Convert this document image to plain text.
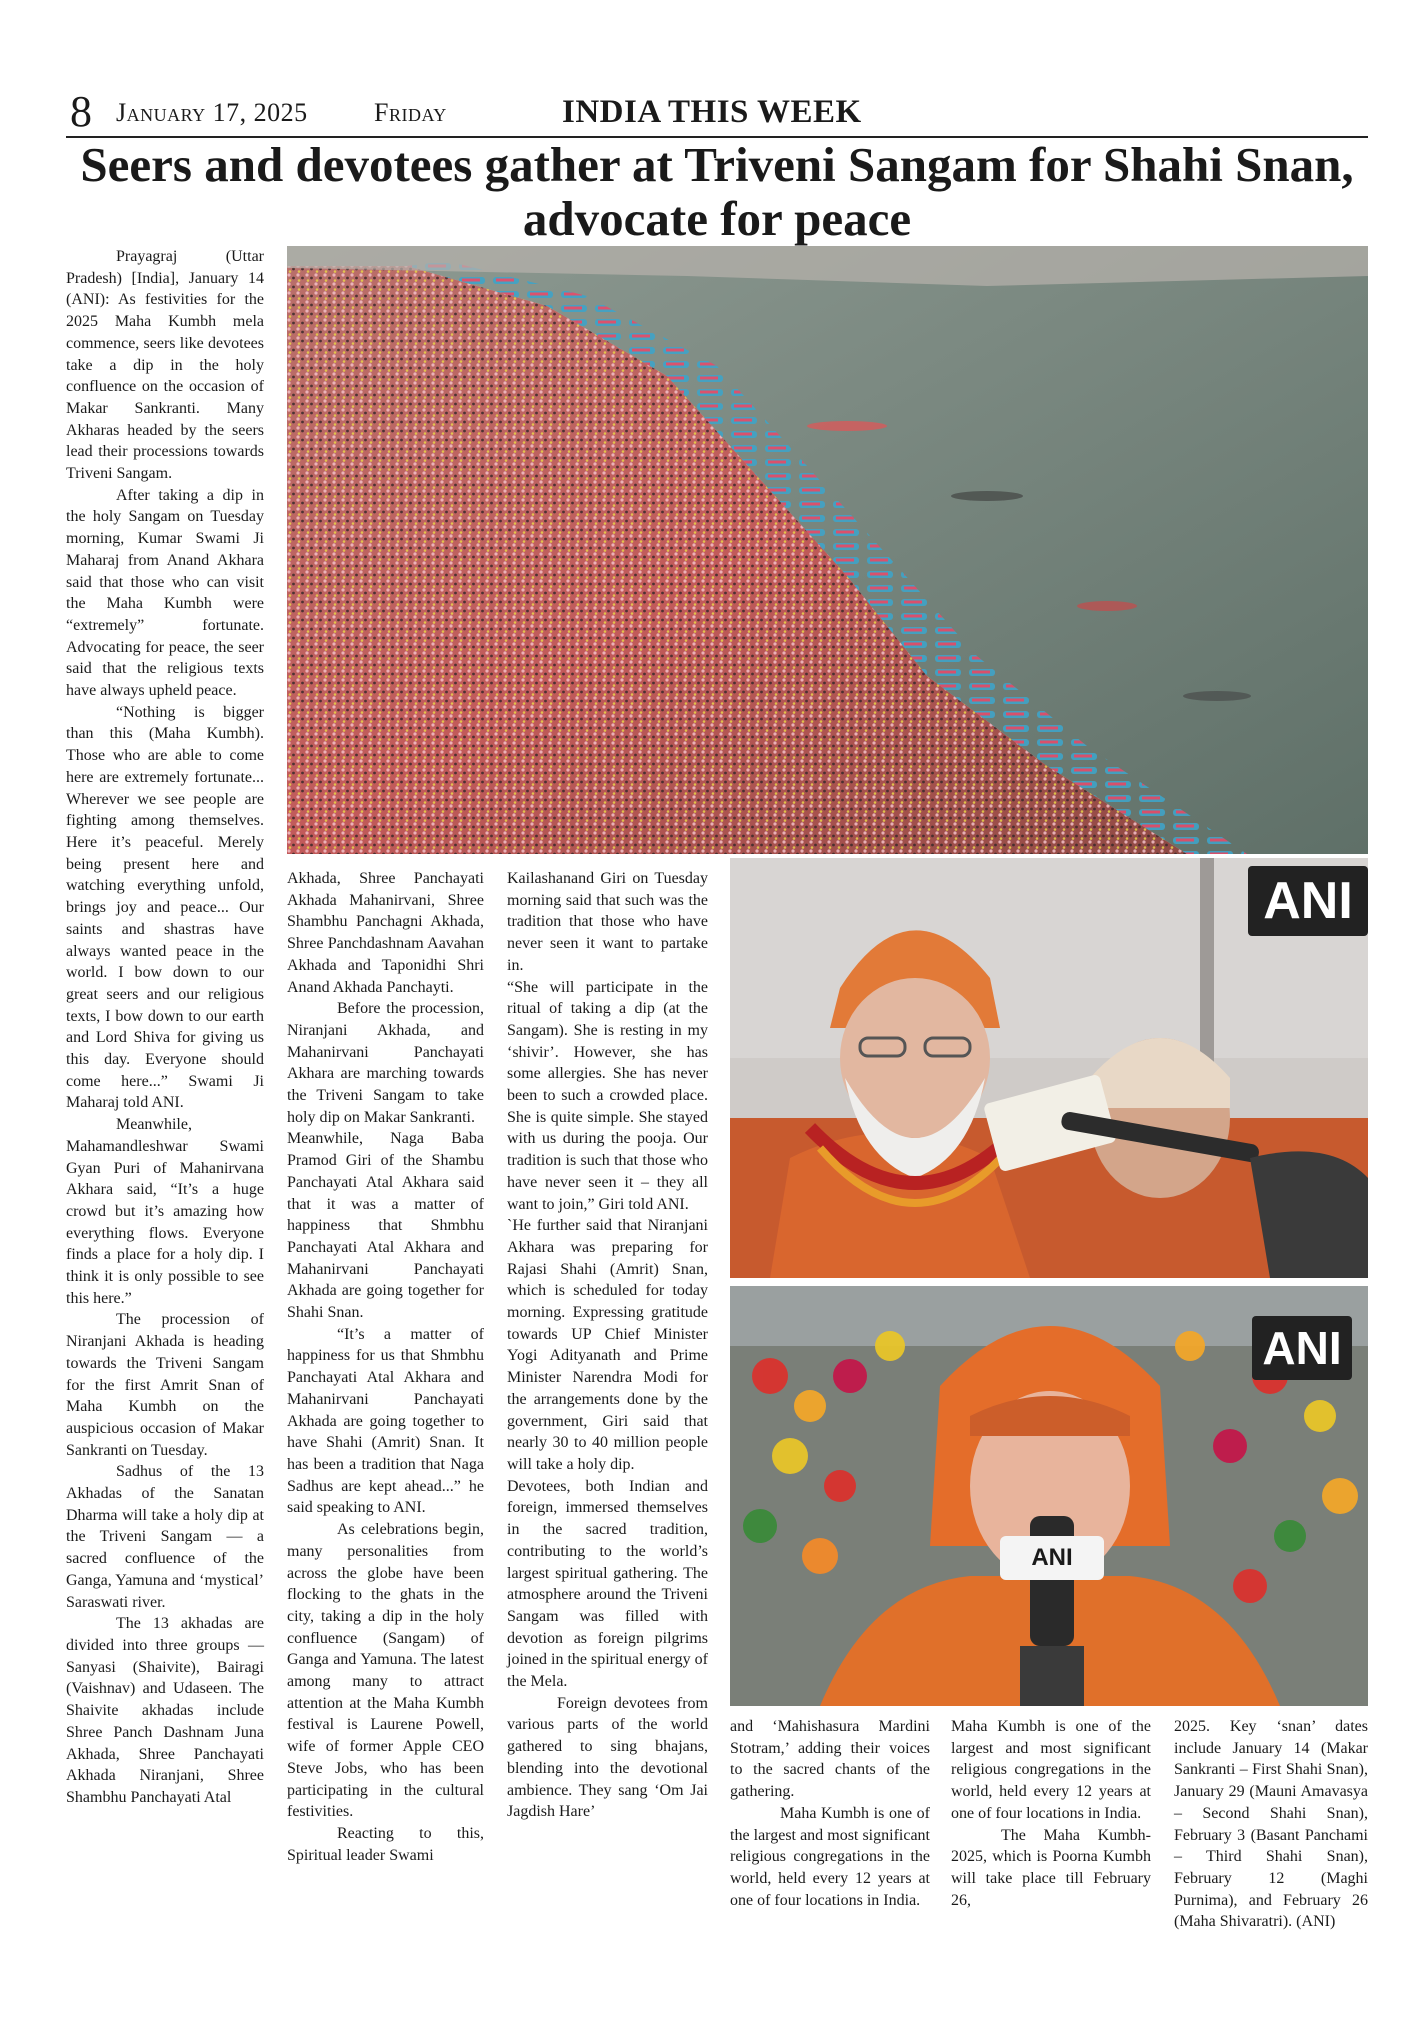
8 January 17, 2025	Friday	INDIA THIS WEEK
Seers and devotees gather at Triveni Sangam for Shahi Snan, advocate for peace

Prayagraj (Uttar Pradesh) [India], January 14 (ANI): As festivities for the 2025 Maha Kumbh mela commence, seers like devotees take a dip in the holy confluence on the occasion of Makar Sankranti. Many Akharas headed by the seers lead their processions towards Triveni Sangam.

After taking a dip in the holy Sangam on Tuesday morning, Kumar Swami Ji Maharaj from Anand Akhara said that those who can visit the Maha Kumbh were “extremely” fortunate. Advocating for peace, the seer said that the religious texts have always upheld peace.

“Nothing is bigger than this (Maha Kumbh). Those who are able to come here are extremely fortunate... Wherever we see people are fighting among themselves. Here it’s peaceful. Merely being present here and watching everything unfold, brings joy and peace... Our saints and shastras have always wanted peace in the world. I bow down to our great seers and our religious texts, I bow down to our earth and Lord Shiva for giving us this day. Everyone should come here...” Swami Ji Maharaj told ANI.

Meanwhile, Mahamandleshwar Swami Gyan Puri of Mahanirvana Akhara said, “It’s a huge crowd but it’s amazing how everything flows. Everyone finds a place for a holy dip. I think it is only possible to see this here.”

The procession of Niranjani Akhada is heading towards the Triveni Sangam for the first Amrit Snan of Maha Kumbh on the auspicious occasion of Makar Sankranti on Tuesday.

Sadhus of the 13 Akhadas of the Sanatan Dharma will take a holy dip at the Triveni Sangam — a sacred confluence of the Ganga, Yamuna and ‘mystical’ Saraswati river.

The 13 akhadas are divided into three groups — Sanyasi (Shaivite), Bairagi (Vaishnav) and Udaseen. The Shaivite akhadas include Shree Panch Dashnam Juna Akhada, Shree Panchayati Akhada Niranjani, Shree Shambhu Panchayati Atal

Akhada, Shree Panchayati Akhada Mahanirvani, Shree Shambhu Panchagni Akhada, Shree Panchdashnam Aavahan Akhada and Taponidhi Shri Anand Akhada Panchayti.

Before the procession, Niranjani Akhada, and Mahanirvani Panchayati Akhara are marching towards the Triveni Sangam to take holy dip on Makar Sankranti.

Meanwhile, Naga Baba Pramod Giri of the Shambu Panchayati Atal Akhara said that it was a matter of happiness that Shmbhu Panchayati Atal Akhara and Mahanirvani Panchayati Akhada are going together for Shahi Snan.

“It’s a matter of happiness for us that Shmbhu Panchayati Atal Akhara and Mahanirvani Panchayati Akhada are going together to have Shahi (Amrit) Snan. It has been a tradition that Naga Sadhus are kept ahead...” he said speaking to ANI.

As celebrations begin, many personalities from across the globe have been flocking to the ghats in the city, taking a dip in the holy confluence (Sangam) of Ganga and Yamuna. The latest among many to attract attention at the Maha Kumbh festival is Laurene Powell, wife of former Apple CEO Steve Jobs, who has been participating in the cultural festivities.

Reacting to this, Spiritual leader Swami

Kailashanand Giri on Tuesday morning said that such was the tradition that those who have never seen it want to partake in.

“She will participate in the ritual of taking a dip (at the Sangam). She is resting in my ‘shivir’. However, she has some allergies. She has never been to such a crowded place. She is quite simple. She stayed with us during the pooja. Our tradition is such that those who have never seen it – they all want to join,” Giri told ANI.

`He further said that Niranjani Akhara was preparing for Rajasi Shahi (Amrit) Snan, which is scheduled for today morning. Expressing gratitude towards UP Chief Minister Yogi Adityanath and Prime Minister Narendra Modi for the arrangements done by the government, Giri said that nearly 30 to 40 million people will take a holy dip.

Devotees, both Indian and foreign, immersed themselves in the sacred tradition, contributing to the world’s largest spiritual gathering. The atmosphere around the Triveni Sangam was filled with devotion as foreign pilgrims joined in the spiritual energy of the Mela.

Foreign devotees from various parts of the world gathered to sing bhajans, blending into the devotional ambience. They sang ‘Om Jai Jagdish Hare’

and ‘Mahishasura Mardini Stotram,’ adding their voices to the sacred chants of the gathering.

Maha Kumbh is one of the largest and most significant religious congregations in the world, held every 12 years at one of four locations in India.

Maha Kumbh is one of the largest and most significant religious congregations in the world, held every 12 years at one of four locations in India.

The Maha Kumbh-2025, which is Poorna Kumbh will take place till February 26,

2025. Key ‘snan’ dates include January 14 (Makar Sankranti – First Shahi Snan), January 29 (Mauni Amavasya – Second Shahi Snan), February 3 (Basant Panchami – Third Shahi Snan), February 12 (Maghi Purnima), and February 26 (Maha Shivaratri). (ANI)

ANI
ANI
ANI
